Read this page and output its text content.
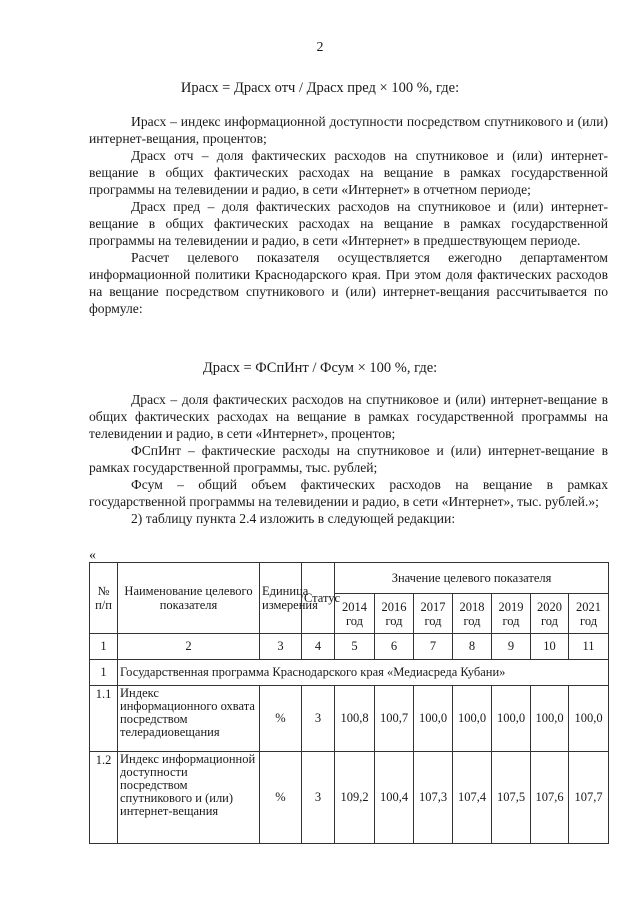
2
Ирасх = Драсх отч / Драсх пред × 100 %, где:

Ирасх – индекс информационной доступности посредством спутникового и (или) интернет-вещания, процентов;

Драсх отч – доля фактических расходов на спутниковое и (или) интернет-вещание в общих фактических расходах на вещание в рамках государственной программы на телевидении и радио, в сети «Интернет» в отчетном периоде;

Драсх пред – доля фактических расходов на спутниковое и (или) интернет-вещание в общих фактических расходах на вещание в рамках государственной программы на телевидении и радио, в сети «Интернет» в предшествующем периоде.

Расчет целевого показателя осуществляется ежегодно департаментом информационной политики Краснодарского края. При этом доля фактических расходов на вещание посредством спутникового и (или) интернет-вещания рассчитывается по формуле:

Драсх = ФСпИнт / Фсум × 100 %, где:

Драсх – доля фактических расходов на спутниковое и (или) интернет-вещание в общих фактических расходах на вещание в рамках государственной программы на телевидении и радио, в сети «Интернет», процентов;

ФСпИнт – фактические расходы на спутниковое и (или) интернет-вещание в рамках государственной программы, тыс. рублей;

Фсум – общий объем фактических расходов на вещание в рамках государственной программы на телевидении и радио, в сети «Интернет», тыс. рублей.»;

2) таблицу пункта 2.4 изложить в следующей редакции:

«
№ п/п	Наименование целевого показателя	Единица измерения	Статус	Значение целевого показателя						
				2014 год	2016 год	2017 год	2018 год	2019 год	2020 год	2021 год
1	2	3	4	5	6	7	8	9	10	11
1	Государственная программа Краснодарского края «Медиасреда Кубани»									
1.1	Индекс информационного охвата посредством телерадиовещания	%	3	100,8	100,7	100,0	100,0	100,0	100,0	100,0
1.2	Индекс информационной доступности посредством спутникового и (или) интернет-вещания	%	3	109,2	100,4	107,3	107,4	107,5	107,6	107,7
